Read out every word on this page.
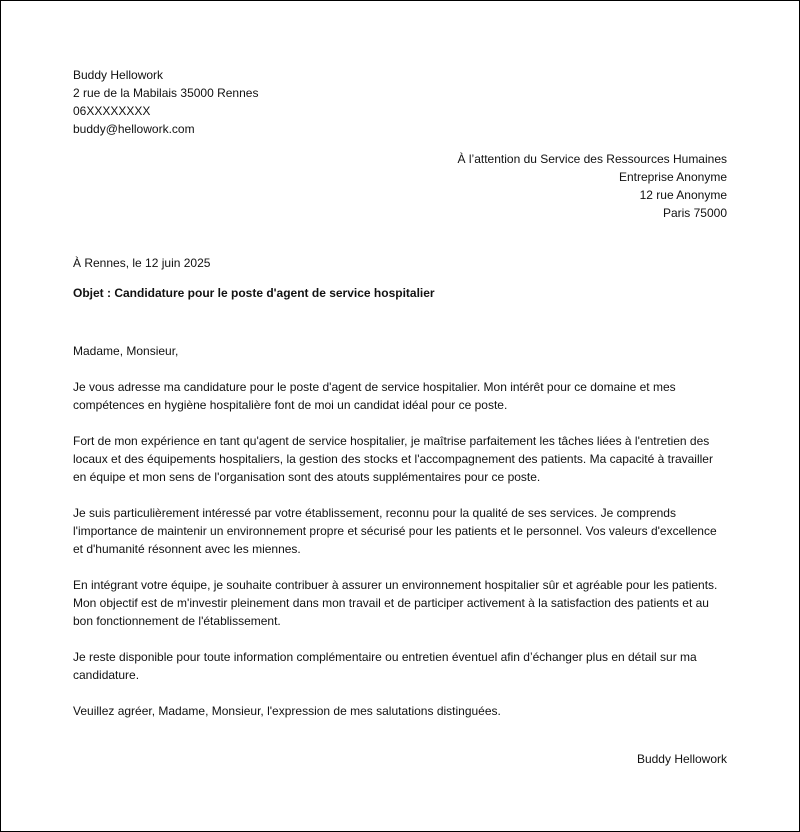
Buddy Hellowork
2 rue de la Mabilais 35000 Rennes
06XXXXXXXX
buddy@hellowork.com
À l’attention du Service des Ressources Humaines
Entreprise Anonyme
12 rue Anonyme
Paris 75000
À Rennes, le 12 juin 2025
Objet : Candidature pour le poste d'agent de service hospitalier

Madame, Monsieur,

Je vous adresse ma candidature pour le poste d'agent de service hospitalier. Mon intérêt pour ce domaine et mes compétences en hygiène hospitalière font de moi un candidat idéal pour ce poste.

Fort de mon expérience en tant qu'agent de service hospitalier, je maîtrise parfaitement les tâches liées à l'entretien des locaux et des équipements hospitaliers, la gestion des stocks et l'accompagnement des patients. Ma capacité à travailler en équipe et mon sens de l'organisation sont des atouts supplémentaires pour ce poste.

Je suis particulièrement intéressé par votre établissement, reconnu pour la qualité de ses services. Je comprends l'importance de maintenir un environnement propre et sécurisé pour les patients et le personnel. Vos valeurs d'excellence et d'humanité résonnent avec les miennes.

En intégrant votre équipe, je souhaite contribuer à assurer un environnement hospitalier sûr et agréable pour les patients. Mon objectif est de m'investir pleinement dans mon travail et de participer activement à la satisfaction des patients et au bon fonctionnement de l'établissement.

Je reste disponible pour toute information complémentaire ou entretien éventuel afin d’échanger plus en détail sur ma candidature.

Veuillez agréer, Madame, Monsieur, l'expression de mes salutations distinguées.

Buddy Hellowork
